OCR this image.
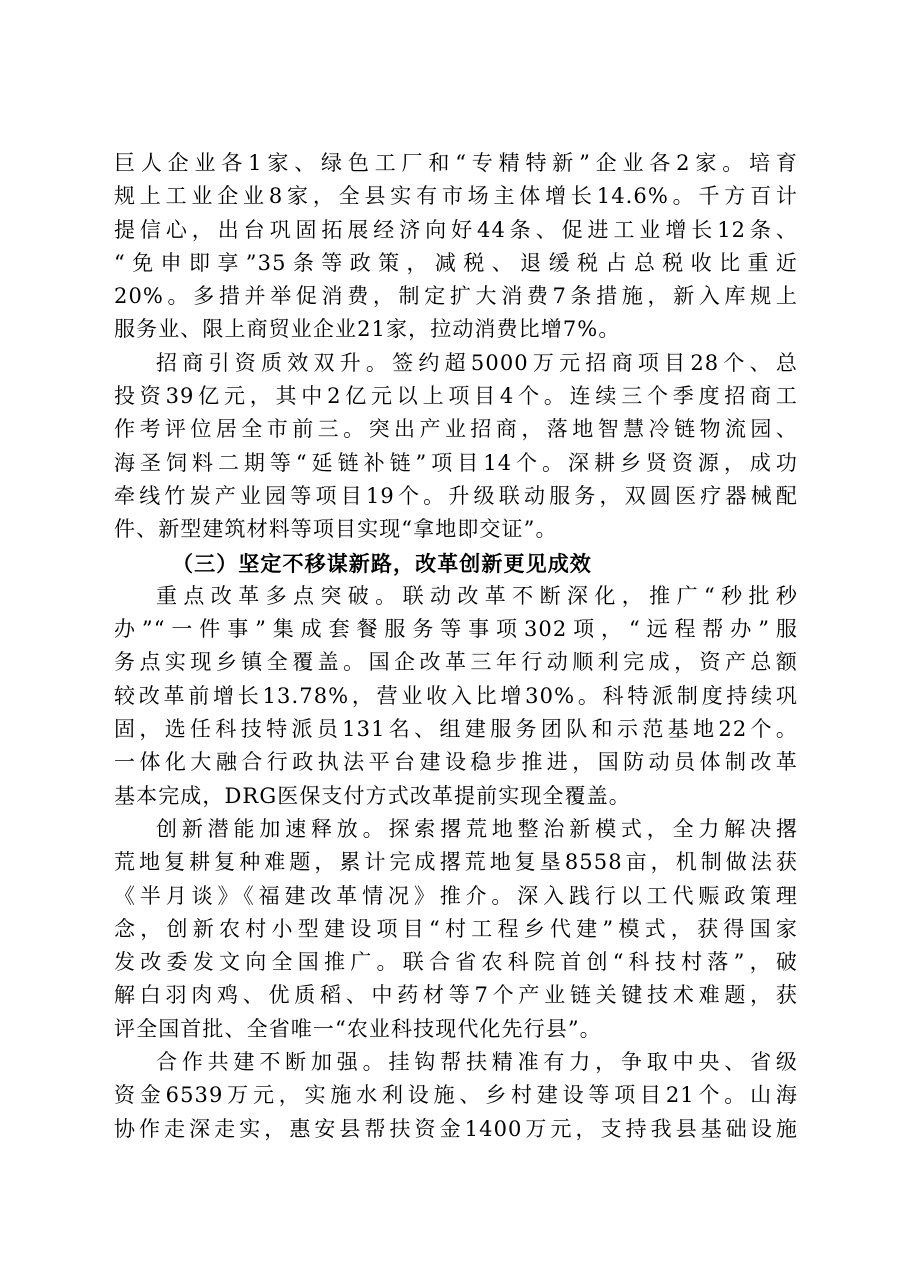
巨人企业各1家、绿色工厂和“专精特新”企业各2家。培育
规上工业企业8家，全县实有市场主体增长14.6%。千方百计
提信心，出台巩固拓展经济向好44条、促进工业增长12条、
“免申即享”35条等政策，减税、退缓税占总税收比重近
20%。多措并举促消费，制定扩大消费7条措施，新入库规上
服务业、限上商贸业企业21家，拉动消费比增7%。
招商引资质效双升。签约超5000万元招商项目28个、总
投资39亿元，其中2亿元以上项目4个。连续三个季度招商工
作考评位居全市前三。突出产业招商，落地智慧冷链物流园、
海圣饲料二期等“延链补链”项目14个。深耕乡贤资源，成功
牵线竹炭产业园等项目19个。升级联动服务，双圆医疗器械配
件、新型建筑材料等项目实现“拿地即交证”。
（三）坚定不移谋新路，改革创新更见成效
重点改革多点突破。联动改革不断深化，推广“秒批秒
办”“一件事”集成套餐服务等事项302项，“远程帮办”服
务点实现乡镇全覆盖。国企改革三年行动顺利完成，资产总额
较改革前增长13.78%，营业收入比增30%。科特派制度持续巩
固，选任科技特派员131名、组建服务团队和示范基地22个。
一体化大融合行政执法平台建设稳步推进，国防动员体制改革
基本完成，DRG医保支付方式改革提前实现全覆盖。
创新潜能加速释放。探索撂荒地整治新模式，全力解决撂
荒地复耕复种难题，累计完成撂荒地复垦8558亩，机制做法获
《半月谈》《福建改革情况》推介。深入践行以工代赈政策理
念，创新农村小型建设项目“村工程乡代建”模式，获得国家
发改委发文向全国推广。联合省农科院首创“科技村落”，破
解白羽肉鸡、优质稻、中药材等7个产业链关键技术难题，获
评全国首批、全省唯一“农业科技现代化先行县”。
合作共建不断加强。挂钩帮扶精准有力，争取中央、省级
资金6539万元，实施水利设施、乡村建设等项目21个。山海
协作走深走实，惠安县帮扶资金1400万元，支持我县基础设施
